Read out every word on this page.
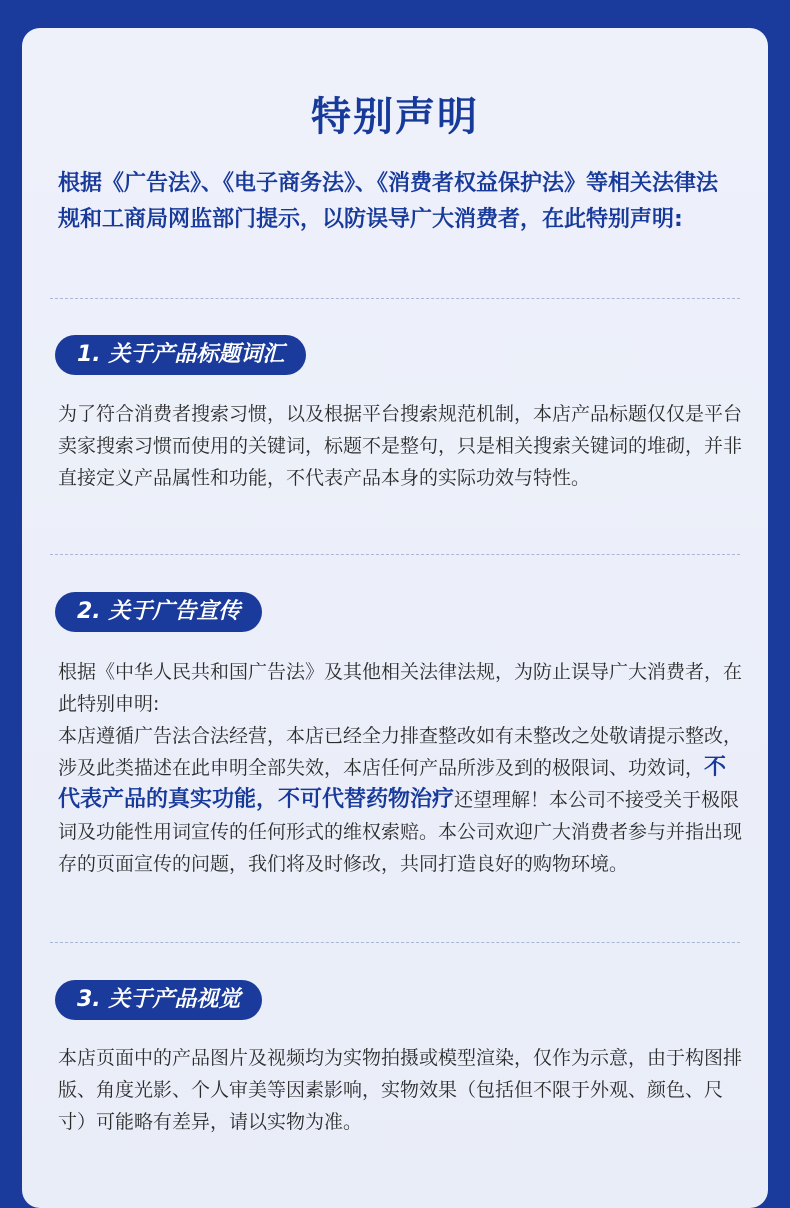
特别声明
根据《广告法》、《电子商务法》、《消费者权益保护法》等相关法律法规和工商局网监部门提示，以防误导广大消费者，在此特别声明:
1. 关于产品标题词汇

为了符合消费者搜索习惯，以及根据平台搜索规范机制，本店产品标题仅仅是平台卖家搜索习惯而使用的关键词，标题不是整句，只是相关搜索关键词的堆砌，并非直接定义产品属性和功能，不代表产品本身的实际功效与特性。

2. 关于广告宣传

根据《中华人民共和国广告法》及其他相关法律法规，为防止误导广大消费者，在此特别申明:

本店遵循广告法合法经营，本店已经全力排查整改如有未整改之处敬请提示整改，涉及此类描述在此申明全部失效，本店任何产品所涉及到的极限词、功效词，不代表产品的真实功能，不可代替药物治疗还望理解！本公司不接受关于极限词及功能性用词宣传的任何形式的维权索赔。本公司欢迎广大消费者参与并指出现存的页面宣传的问题，我们将及时修改，共同打造良好的购物环境。

3. 关于产品视觉

本店页面中的产品图片及视频均为实物拍摄或模型渲染，仅作为示意，由于构图排版、角度光影、个人审美等因素影响，实物效果（包括但不限于外观、颜色、尺寸）可能略有差异，请以实物为准。
